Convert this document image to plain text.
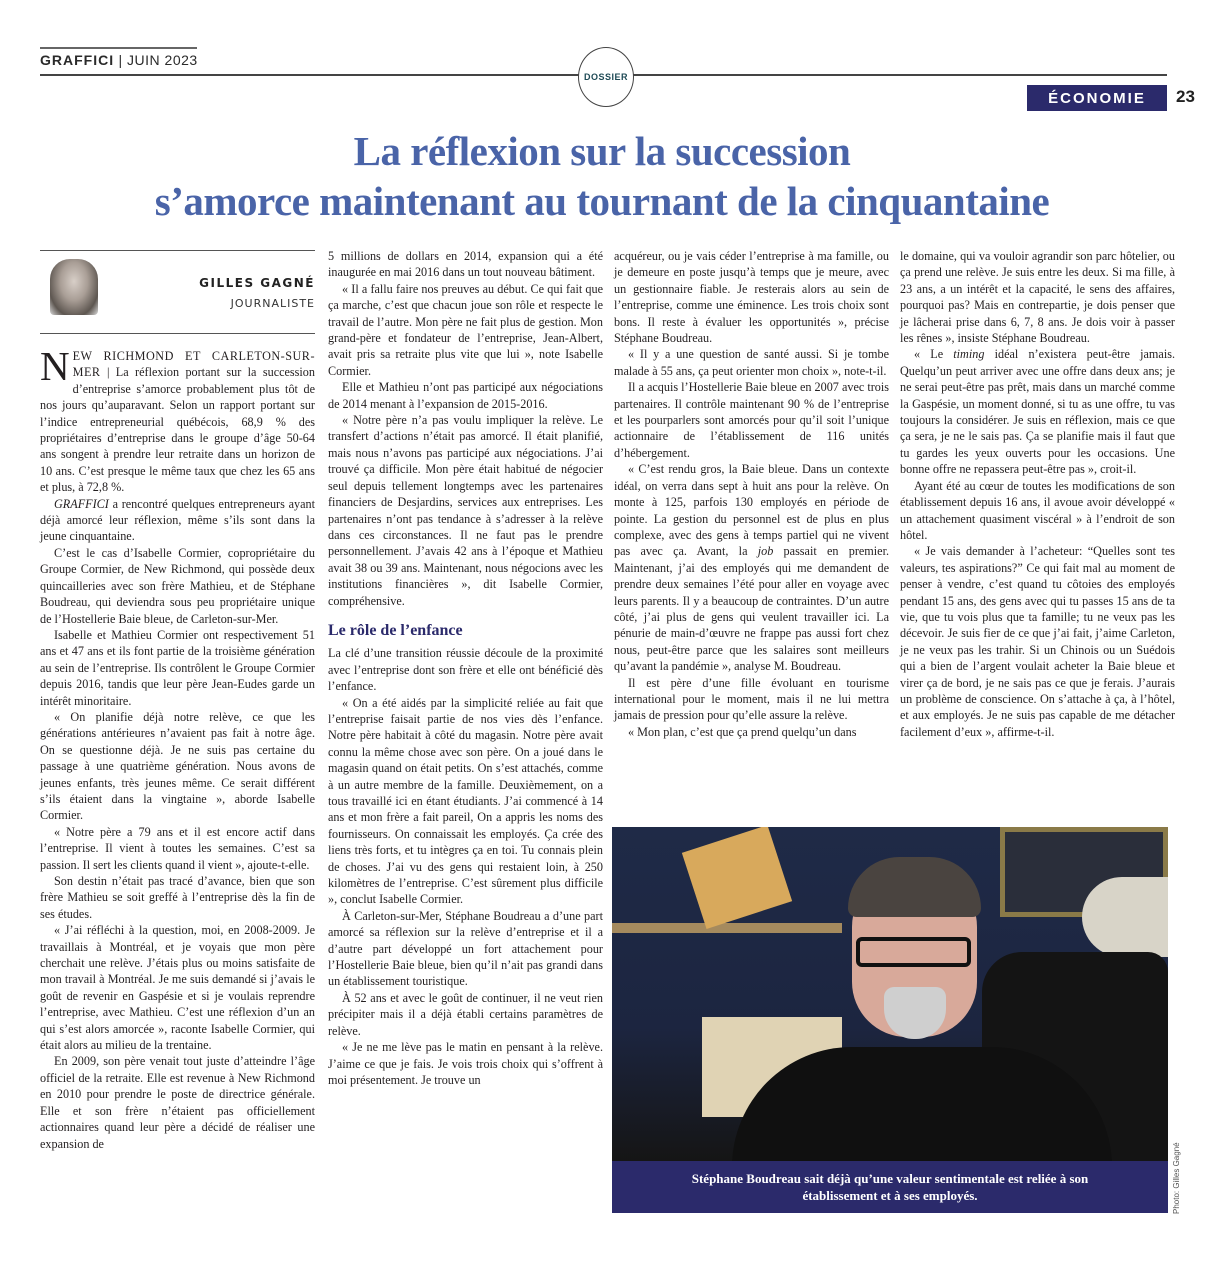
GRAFFICI | JUIN 2023
DOSSIER
ÉCONOMIE 23
La réflexion sur la succession
s’amorce maintenant au tournant de la cinquantaine
GILLES GAGNÉ
JOURNALISTE

NEW RICHMOND ET CARLETON-SUR-MER | La réflexion portant sur la succession d’entreprise s’amorce probablement plus tôt de nos jours qu’auparavant. Selon un rapport portant sur l’indice entrepreneurial québécois, 68,9 % des propriétaires d’entreprise dans le groupe d’âge 50-64 ans songent à prendre leur retraite dans un horizon de 10 ans. C’est presque le même taux que chez les 65 ans et plus, à 72,8 %.

GRAFFICI a rencontré quelques entrepreneurs ayant déjà amorcé leur réflexion, même s’ils sont dans la jeune cinquantaine.

C’est le cas d’Isabelle Cormier, copropriétaire du Groupe Cormier, de New Richmond, qui possède deux quincailleries avec son frère Mathieu, et de Stéphane Boudreau, qui deviendra sous peu propriétaire unique de l’Hostellerie Baie bleue, de Carleton-sur-Mer.

Isabelle et Mathieu Cormier ont respectivement 51 ans et 47 ans et ils font partie de la troisième génération au sein de l’entreprise. Ils contrôlent le Groupe Cormier depuis 2016, tandis que leur père Jean-Eudes garde un intérêt minoritaire.

« On planifie déjà notre relève, ce que les générations antérieures n’avaient pas fait à notre âge. On se questionne déjà. Je ne suis pas certaine du passage à une quatrième génération. Nous avons de jeunes enfants, très jeunes même. Ce serait différent s’ils étaient dans la vingtaine », aborde Isabelle Cormier.

« Notre père a 79 ans et il est encore actif dans l’entreprise. Il vient à toutes les semaines. C’est sa passion. Il sert les clients quand il vient », ajoute-t-elle.

Son destin n’était pas tracé d’avance, bien que son frère Mathieu se soit greffé à l’entreprise dès la fin de ses études.

« J’ai réfléchi à la question, moi, en 2008-2009. Je travaillais à Montréal, et je voyais que mon père cherchait une relève. J’étais plus ou moins satisfaite de mon travail à Montréal. Je me suis demandé si j’avais le goût de revenir en Gaspésie et si je voulais reprendre l’entreprise, avec Mathieu. C’est une réflexion d’un an qui s’est alors amorcée », raconte Isabelle Cormier, qui était alors au milieu de la trentaine.

En 2009, son père venait tout juste d’atteindre l’âge officiel de la retraite. Elle est revenue à New Richmond en 2010 pour prendre le poste de directrice générale. Elle et son frère n’étaient pas officiellement actionnaires quand leur père a décidé de réaliser une expansion de

5 millions de dollars en 2014, expansion qui a été inaugurée en mai 2016 dans un tout nouveau bâtiment.

« Il a fallu faire nos preuves au début. Ce qui fait que ça marche, c’est que chacun joue son rôle et respecte le travail de l’autre. Mon père ne fait plus de gestion. Mon grand-père et fondateur de l’entreprise, Jean-Albert, avait pris sa retraite plus vite que lui », note Isabelle Cormier.

Elle et Mathieu n’ont pas participé aux négociations de 2014 menant à l’expansion de 2015-2016.

« Notre père n’a pas voulu impliquer la relève. Le transfert d’actions n’était pas amorcé. Il était planifié, mais nous n’avons pas participé aux négociations. J’ai trouvé ça difficile. Mon père était habitué de négocier seul depuis tellement longtemps avec les partenaires financiers de Desjardins, services aux entreprises. Les partenaires n’ont pas tendance à s’adresser à la relève dans ces circonstances. Il ne faut pas le prendre personnellement. J’avais 42 ans à l’époque et Mathieu avait 38 ou 39 ans. Maintenant, nous négocions avec les institutions financières », dit Isabelle Cormier, compréhensive.

Le rôle de l’enfance

La clé d’une transition réussie découle de la proximité avec l’entreprise dont son frère et elle ont bénéficié dès l’enfance.

« On a été aidés par la simplicité reliée au fait que l’entreprise faisait partie de nos vies dès l’enfance. Notre père habitait à côté du magasin. Notre père avait connu la même chose avec son père. On a joué dans le magasin quand on était petits. On s’est attachés, comme à un autre membre de la famille. Deuxièmement, on a tous travaillé ici en étant étudiants. J’ai commencé à 14 ans et mon frère a fait pareil, On a appris les noms des fournisseurs. On connaissait les employés. Ça crée des liens très forts, et tu intègres ça en toi. Tu connais plein de choses. J’ai vu des gens qui restaient loin, à 250 kilomètres de l’entreprise. C’est sûrement plus difficile », conclut Isabelle Cormier.

À Carleton-sur-Mer, Stéphane Boudreau a d’une part amorcé sa réflexion sur la relève d’entreprise et il a d’autre part développé un fort attachement pour l’Hostellerie Baie bleue, bien qu’il n’ait pas grandi dans un établissement touristique.

À 52 ans et avec le goût de continuer, il ne veut rien précipiter mais il a déjà établi certains paramètres de relève.

« Je ne me lève pas le matin en pensant à la relève. J’aime ce que je fais. Je vois trois choix qui s’offrent à moi présentement. Je trouve un

acquéreur, ou je vais céder l’entreprise à ma famille, ou je demeure en poste jusqu’à temps que je meure, avec un gestionnaire fiable. Je resterais alors au sein de l’entreprise, comme une éminence. Les trois choix sont bons. Il reste à évaluer les opportunités », précise Stéphane Boudreau.

« Il y a une question de santé aussi. Si je tombe malade à 55 ans, ça peut orienter mon choix », note-t-il.

Il a acquis l’Hostellerie Baie bleue en 2007 avec trois partenaires. Il contrôle maintenant 90 % de l’entreprise et les pourparlers sont amorcés pour qu’il soit l’unique actionnaire de l’établissement de 116 unités d’hébergement.

« C’est rendu gros, la Baie bleue. Dans un contexte idéal, on verra dans sept à huit ans pour la relève. On monte à 125, parfois 130 employés en période de pointe. La gestion du personnel est de plus en plus complexe, avec des gens à temps partiel qui ne vivent pas avec ça. Avant, la job passait en premier. Maintenant, j’ai des employés qui me demandent de prendre deux semaines l’été pour aller en voyage avec leurs parents. Il y a beaucoup de contraintes. D’un autre côté, j’ai plus de gens qui veulent travailler ici. La pénurie de main-d’œuvre ne frappe pas aussi fort chez nous, peut-être parce que les salaires sont meilleurs qu’avant la pandémie », analyse M. Boudreau.

Il est père d’une fille évoluant en tourisme international pour le moment, mais il ne lui mettra jamais de pression pour qu’elle assure la relève.

« Mon plan, c’est que ça prend quelqu’un dans

le domaine, qui va vouloir agrandir son parc hôtelier, ou ça prend une relève. Je suis entre les deux. Si ma fille, à 23 ans, a un intérêt et la capacité, le sens des affaires, pourquoi pas? Mais en contrepartie, je dois penser que je lâcherai prise dans 6, 7, 8 ans. Je dois voir à passer les rênes », insiste Stéphane Boudreau.

« Le timing idéal n’existera peut-être jamais. Quelqu’un peut arriver avec une offre dans deux ans; je ne serai peut-être pas prêt, mais dans un marché comme la Gaspésie, un moment donné, si tu as une offre, tu vas toujours la considérer. Je suis en réflexion, mais ce que ça sera, je ne le sais pas. Ça se planifie mais il faut que tu gardes les yeux ouverts pour les occasions. Une bonne offre ne repassera peut-être pas », croit-il.

Ayant été au cœur de toutes les modifications de son établissement depuis 16 ans, il avoue avoir développé « un attachement quasiment viscéral » à l’endroit de son hôtel.

« Je vais demander à l’acheteur: “Quelles sont tes valeurs, tes aspirations?” Ce qui fait mal au moment de penser à vendre, c’est quand tu côtoies des employés pendant 15 ans, des gens avec qui tu passes 15 ans de ta vie, que tu vois plus que ta famille; tu ne veux pas les décevoir. Je suis fier de ce que j’ai fait, j’aime Carleton, je ne veux pas les trahir. Si un Chinois ou un Suédois qui a bien de l’argent voulait acheter la Baie bleue et virer ça de bord, je ne sais pas ce que je ferais. J’aurais un problème de conscience. On s’attache à ça, à l’hôtel, et aux employés. Je ne suis pas capable de me détacher facilement d’eux », affirme-t-il.

Stéphane Boudreau sait déjà qu’une valeur sentimentale est reliée à son établissement et à ses employés.	Photo: Gilles Gagné
